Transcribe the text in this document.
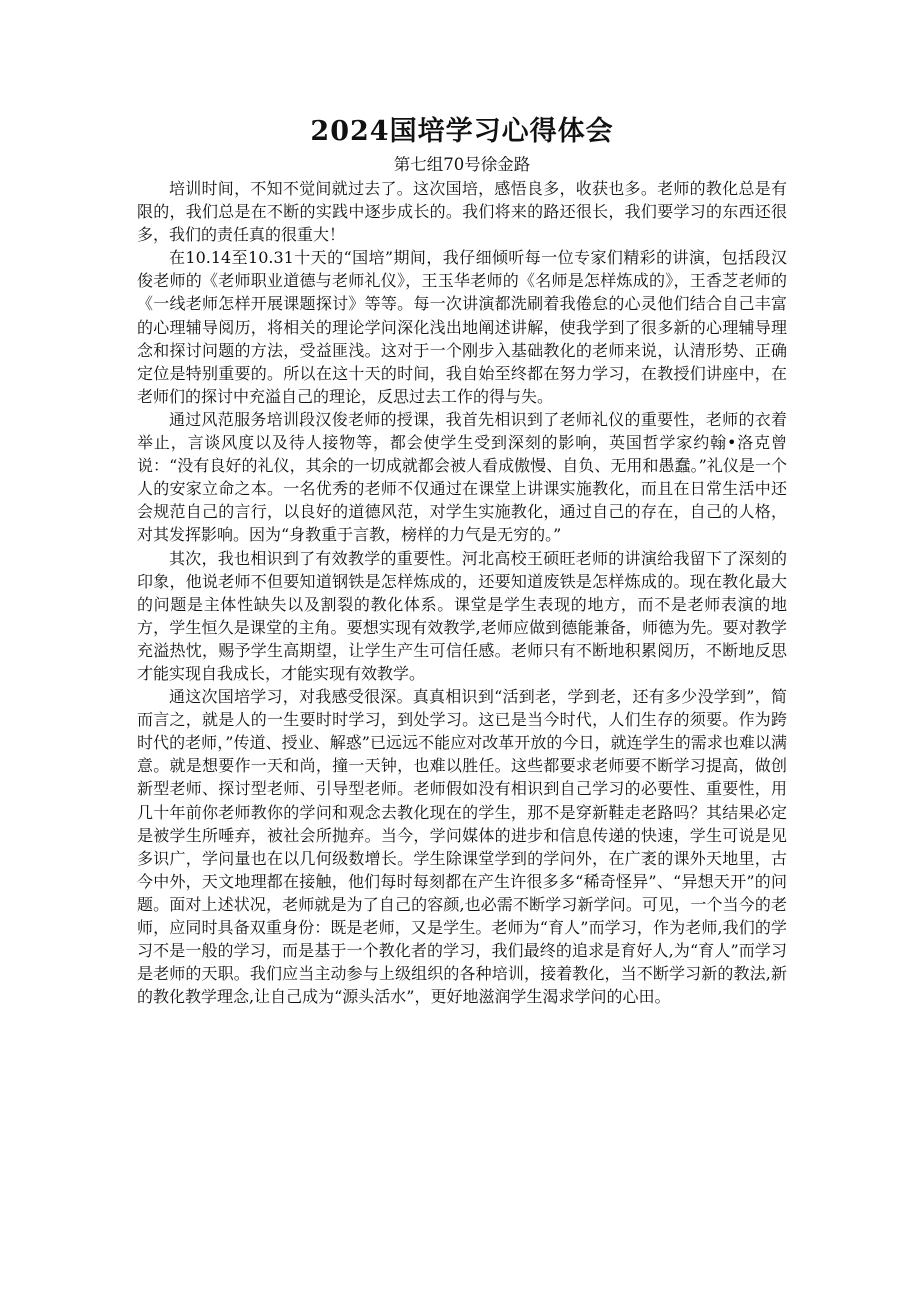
2024国培学习心得体会
第七组70号徐金路

培训时间，不知不觉间就过去了。这次国培，感悟良多，收获也多。老师的教化总是有限的，我们总是在不断的实践中逐步成长的。我们将来的路还很长，我们要学习的东西还很多，我们的责任真的很重大！

在10.14至10.31十天的“国培”期间，我仔细倾听每一位专家们精彩的讲演，包括段汉俊老师的《老师职业道德与老师礼仪》，王玉华老师的《名师是怎样炼成的》，王香芝老师的《一线老师怎样开展课题探讨》等等。每一次讲演都洗刷着我倦怠的心灵他们结合自己丰富的心理辅导阅历，将相关的理论学问深化浅出地阐述讲解，使我学到了很多新的心理辅导理念和探讨问题的方法，受益匪浅。这对于一个刚步入基础教化的老师来说，认清形势、正确定位是特别重要的。所以在这十天的时间，我自始至终都在努力学习，在教授们讲座中，在老师们的探讨中充溢自己的理论，反思过去工作的得与失。

通过风范服务培训段汉俊老师的授课，我首先相识到了老师礼仪的重要性，老师的衣着举止，言谈风度以及待人接物等，都会使学生受到深刻的影响，英国哲学家约翰•洛克曾说：“没有良好的礼仪，其余的一切成就都会被人看成傲慢、自负、无用和愚蠢。”礼仪是一个人的安家立命之本。一名优秀的老师不仅通过在课堂上讲课实施教化，而且在日常生活中还会规范自己的言行，以良好的道德风范，对学生实施教化，通过自己的存在，自己的人格，对其发挥影响。因为“身教重于言教，榜样的力气是无穷的。”

其次，我也相识到了有效教学的重要性。河北高校王硕旺老师的讲演给我留下了深刻的印象，他说老师不但要知道钢铁是怎样炼成的，还要知道废铁是怎样炼成的。现在教化最大的问题是主体性缺失以及割裂的教化体系。课堂是学生表现的地方，而不是老师表演的地方，学生恒久是课堂的主角。要想实现有效教学,老师应做到德能兼备，师德为先。要对教学充溢热忱，赐予学生高期望，让学生产生可信任感。老师只有不断地积累阅历，不断地反思才能实现自我成长，才能实现有效教学。

通这次国培学习，对我感受很深。真真相识到“活到老，学到老，还有多少没学到”，简而言之，就是人的一生要时时学习，到处学习。这已是当今时代，人们生存的须要。作为跨时代的老师，”传道、授业、解惑”已远远不能应对改革开放的今日，就连学生的需求也难以满意。就是想要作一天和尚，撞一天钟，也难以胜任。这些都要求老师要不断学习提高，做创新型老师、探讨型老师、引导型老师。老师假如没有相识到自己学习的必要性、重要性，用几十年前你老师教你的学问和观念去教化现在的学生，那不是穿新鞋走老路吗？其结果必定是被学生所唾弃，被社会所抛弃。当今，学问媒体的进步和信息传递的快速，学生可说是见多识广，学问量也在以几何级数增长。学生除课堂学到的学问外，在广袤的课外天地里，古今中外，天文地理都在接触，他们每时每刻都在产生许很多多“稀奇怪异”、“异想天开”的问题。面对上述状况，老师就是为了自己的容颜,也必需不断学习新学问。可见，一个当今的老师，应同时具备双重身份：既是老师，又是学生。老师为“育人”而学习，作为老师,我们的学习不是一般的学习，而是基于一个教化者的学习，我们最终的追求是育好人,为“育人”而学习是老师的天职。我们应当主动参与上级组织的各种培训，接着教化，当不断学习新的教法,新的教化教学理念,让自己成为“源头活水”，更好地滋润学生渴求学问的心田。
